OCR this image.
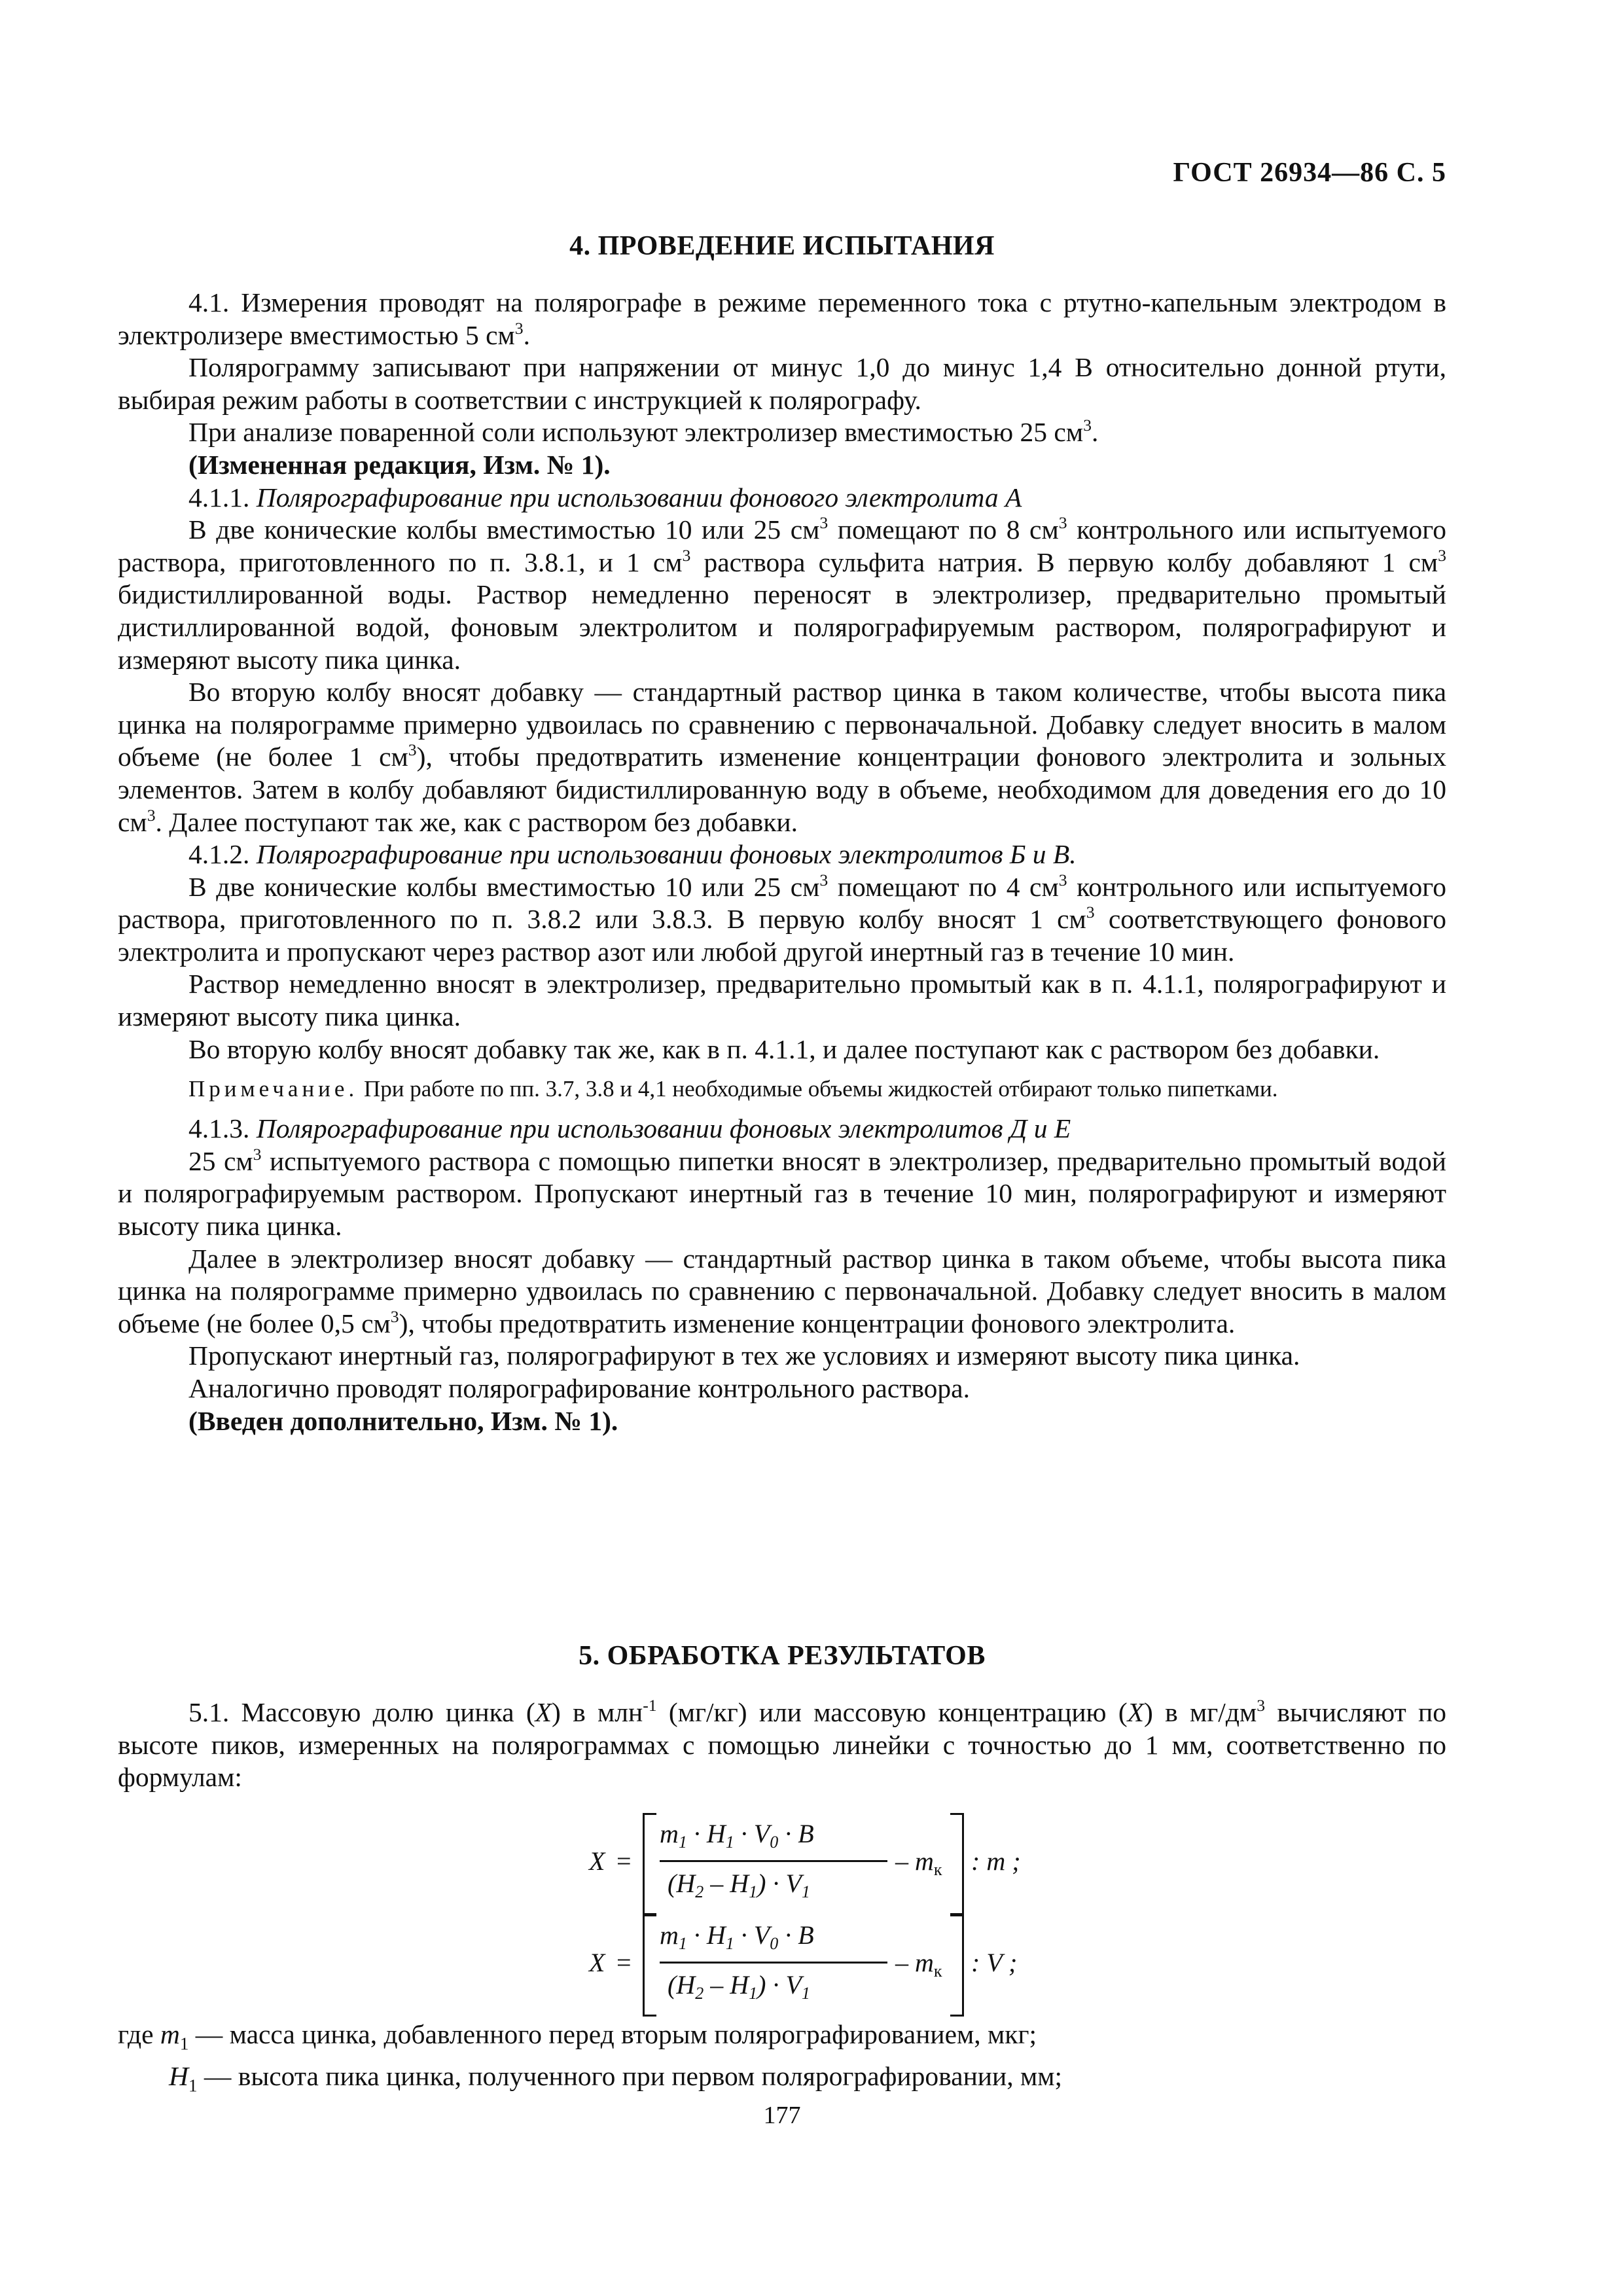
ГОСТ 26934—86 С. 5
4. ПРОВЕДЕНИЕ ИСПЫТАНИЯ

4.1. Измерения проводят на полярографе в режиме переменного тока с ртутно-капельным электродом в электролизере вместимостью 5 $см^3$.

Полярограмму записывают при напряжении от минус 1,0 до минус 1,4 В относительно донной ртути, выбирая режим работы в соответствии с инструкцией к полярографу.

При анализе поваренной соли используют электролизер вместимостью 25 $см^3$.

(Измененная редакция, Изм. № 1).

4.1.1. Полярографирование при использовании фонового электролита А

В две конические колбы вместимостью 10 или 25 $см^3$ помещают по 8 $см^3$ контрольного или испытуемого раствора, приготовленного по п. 3.8.1, и 1 $см^3$ раствора сульфита натрия. В первую колбу добавляют 1 $см^3$ бидистиллированной воды. Раствор немедленно переносят в электролизер, предварительно промытый дистиллированной водой, фоновым электролитом и полярографируемым раствором, полярографируют и измеряют высоту пика цинка.

Во вторую колбу вносят добавку — стандартный раствор цинка в таком количестве, чтобы высота пика цинка на полярограмме примерно удвоилась по сравнению с первоначальной. Добавку следует вносить в малом объеме (не более 1 $см^3$), чтобы предотвратить изменение концентрации фонового электролита и зольных элементов. Затем в колбу добавляют бидистиллированную воду в объеме, необходимом для доведения его до 10 $см^3$. Далее поступают так же, как с раствором без добавки.

4.1.2. Полярографирование при использовании фоновых электролитов Б и В.

В две конические колбы вместимостью 10 или 25 $см^3$ помещают по 4 $см^3$ контрольного или испытуемого раствора, приготовленного по п. 3.8.2 или 3.8.3. В первую колбу вносят 1 $см^3$ соответствующего фонового электролита и пропускают через раствор азот или любой другой инертный газ в течение 10 мин.

Раствор немедленно вносят в электролизер, предварительно промытый как в п. 4.1.1, полярографируют и измеряют высоту пика цинка.

Во вторую колбу вносят добавку так же, как в п. 4.1.1, и далее поступают как с раствором без добавки.

Примечание. При работе по пп. 3.7, 3.8 и 4,1 необходимые объемы жидкостей отбирают только пипетками.

4.1.3. Полярографирование при использовании фоновых электролитов Д и Е

25 $см^3$ испытуемого раствора с помощью пипетки вносят в электролизер, предварительно промытый водой и полярографируемым раствором. Пропускают инертный газ в течение 10 мин, полярографируют и измеряют высоту пика цинка.

Далее в электролизер вносят добавку — стандартный раствор цинка в таком объеме, чтобы высота пика цинка на полярограмме примерно удвоилась по сравнению с первоначальной. Добавку следует вносить в малом объеме (не более 0,5 $см^3$), чтобы предотвратить изменение концентрации фонового электролита.

Пропускают инертный газ, полярографируют в тех же условиях и измеряют высоту пика цинка.

Аналогично проводят полярографирование контрольного раствора.

(Введен дополнительно, Изм. № 1).

5. ОБРАБОТКА РЕЗУЛЬТАТОВ

5.1. Массовую долю цинка (X) в млн$^{-1}$ (мг/кг) или массовую концентрацию (X) в $мг/дм^3$ вычисляют по высоте пиков, измеренных на полярограммах с помощью линейки с точностью до 1 мм, соответственно по формулам:

X =
$m_1 \cdot H_1 \cdot V_0 \cdot B$
$(H_2 - H_1) \cdot V_1$
– $m_к$ : m ;
X =
$m_1 \cdot H_1 \cdot V_0 \cdot B$
$(H_2 - H_1) \cdot V_1$
– $m_к$ : V ;

где $m_1$ — масса цинка, добавленного перед вторым полярографированием, мкг;

$H_1$ — высота пика цинка, полученного при первом полярографировании, мм;

177
